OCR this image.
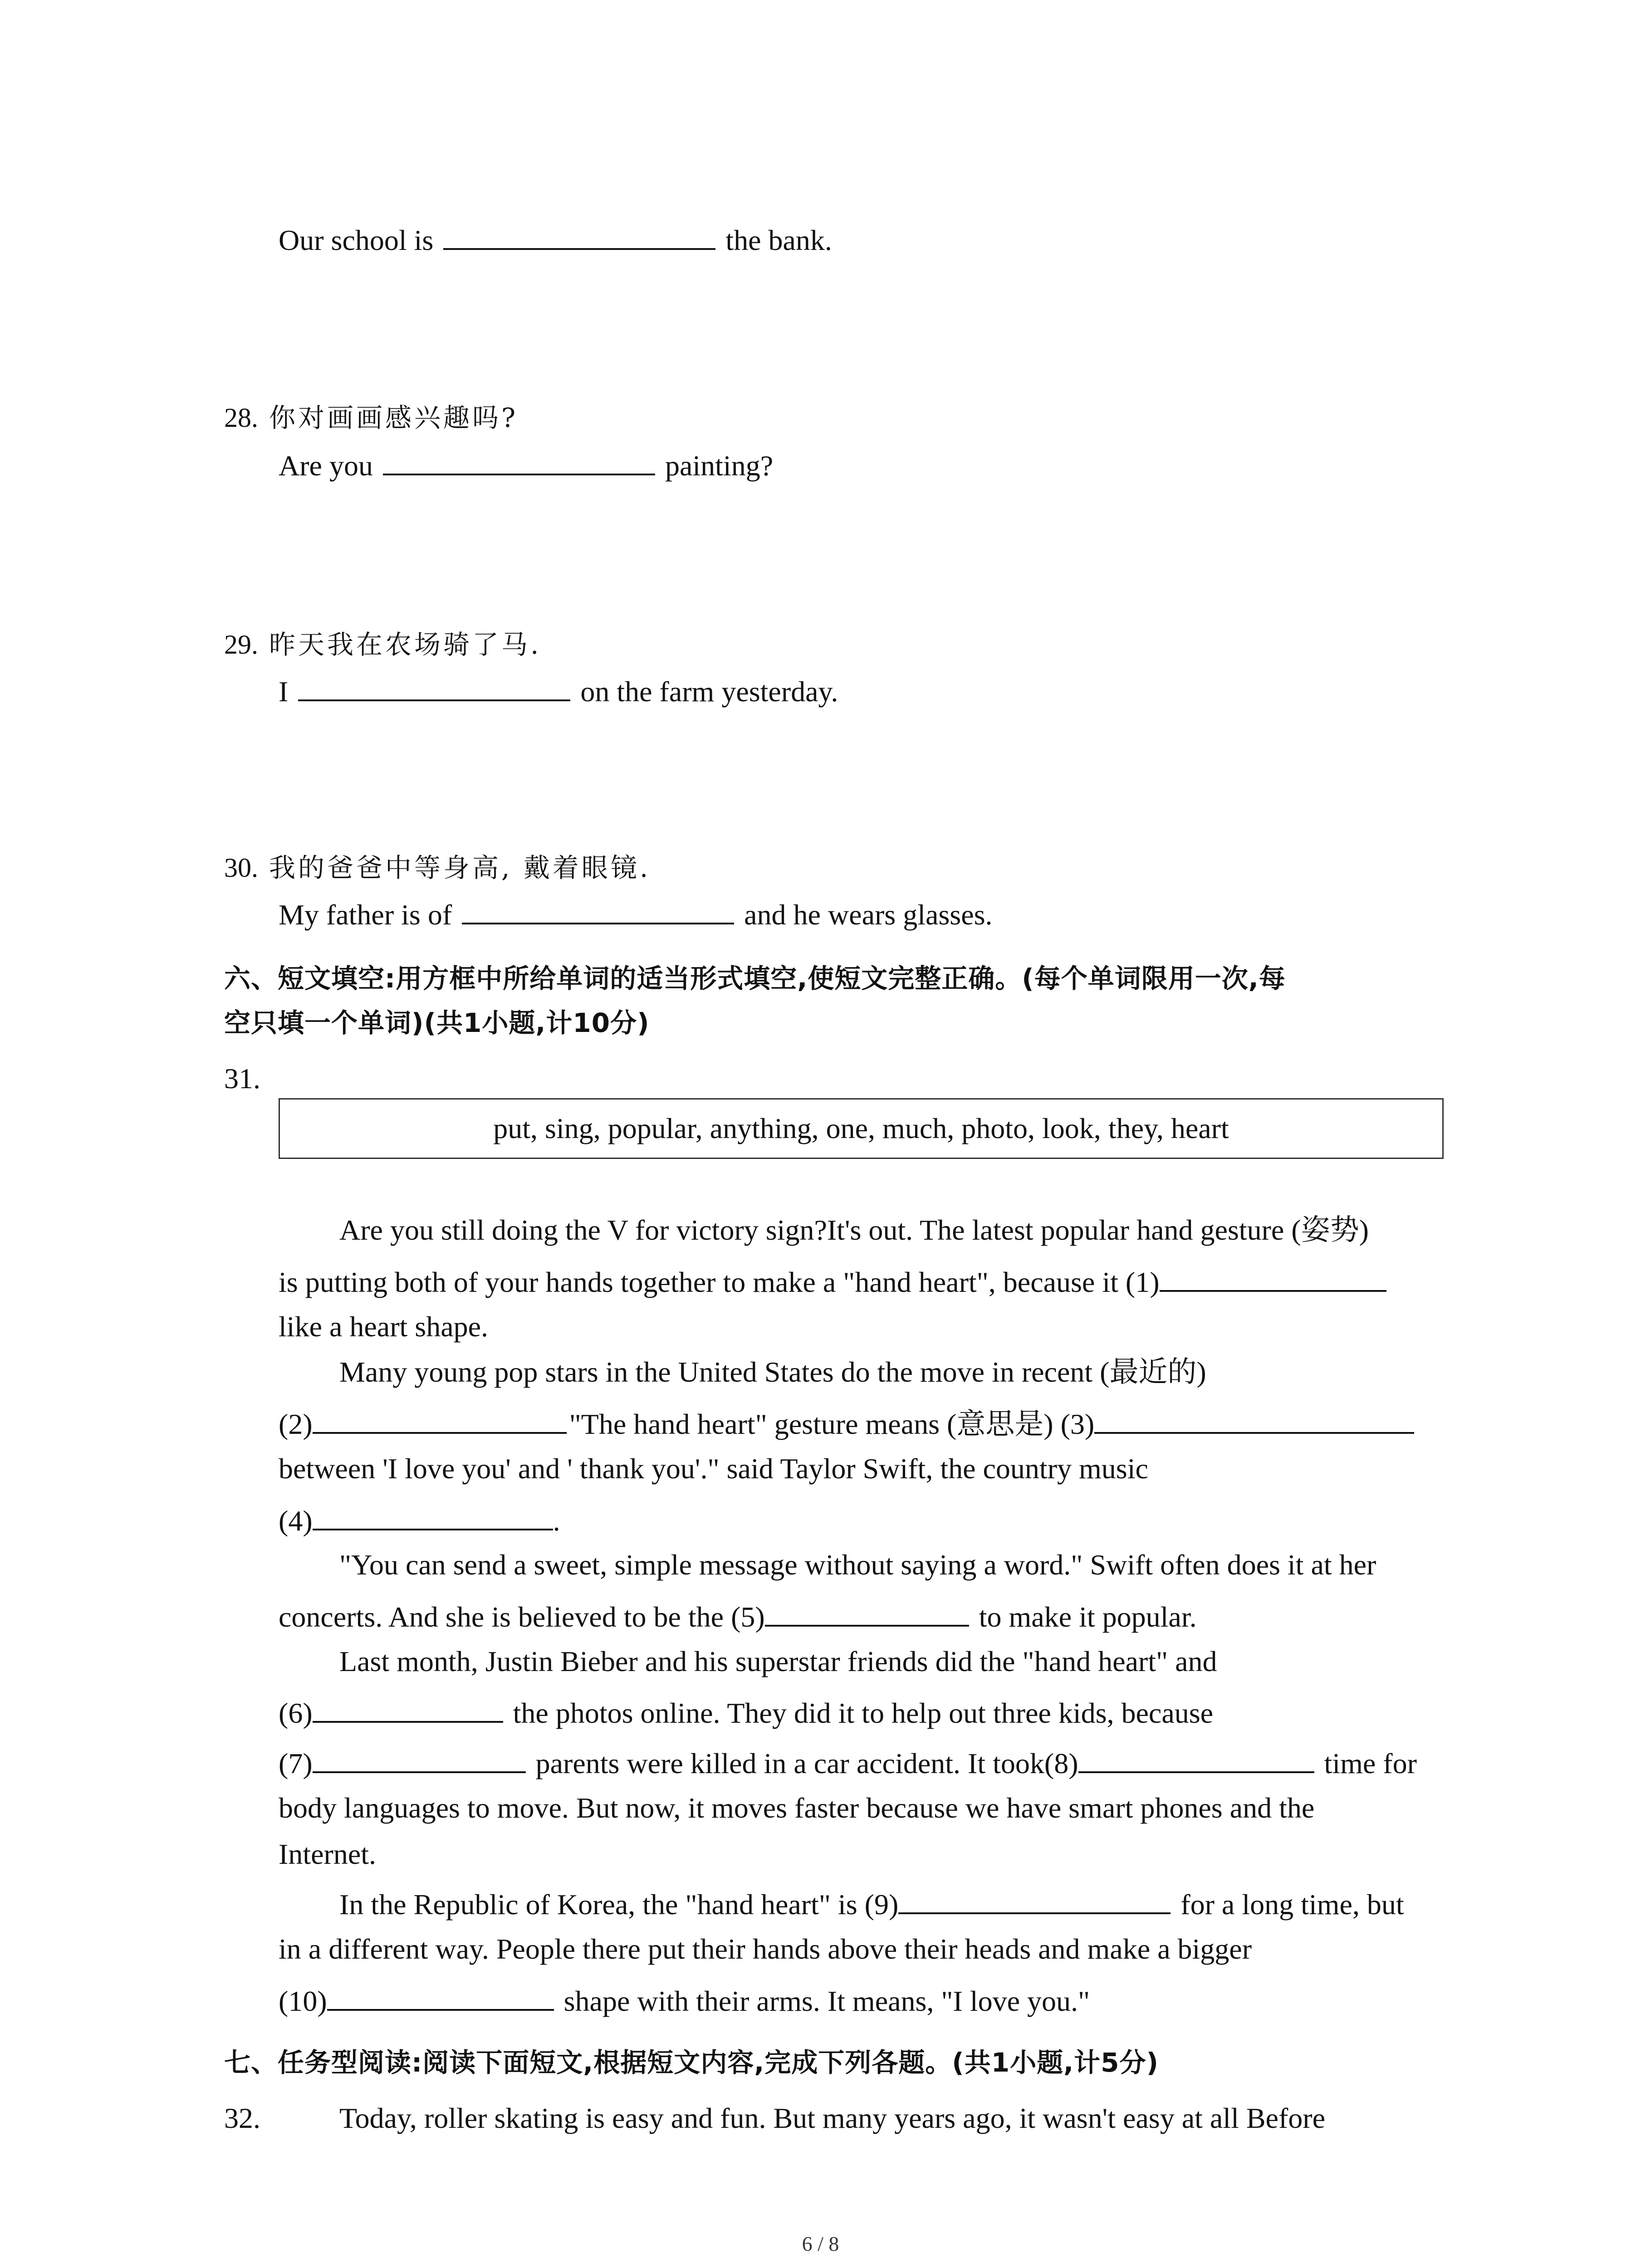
Our school is	the bank.
28. 你对画画感兴趣吗?
Are you	painting?
29. 昨天我在农场骑了马.
I	on the farm yesterday.
30. 我的爸爸中等身高, 戴着眼镜.
My father is of	and he wears glasses.
六、短文填空:用方框中所给单词的适当形式填空,使短文完整正确。(每个单词限用一次,每
空只填一个单词)(共1小题,计10分)
31.
put, sing, popular, anything, one, much, photo, look, they, heart
Are you still doing the V for victory sign?It's out. The latest popular hand gesture (姿势)
is putting both of your hands together to make a "hand heart", because it (1)
like a heart shape.
Many young pop stars in the United States do the move in recent (最近的)
(2)	"The hand heart" gesture means (意思是) (3)
between 'I love you' and ' thank you'." said Taylor Swift, the country music
(4)	.
"You can send a sweet, simple message without saying a word." Swift often does it at her
concerts. And she is believed to be the (5)	to make it popular.
Last month, Justin Bieber and his superstar friends did the "hand heart" and
(6)	the photos online. They did it to help out three kids, because
(7)	parents were killed in a car accident. It took(8)	time for
body languages to move. But now, it moves faster because we have smart phones and the
Internet.
In the Republic of Korea, the "hand heart" is (9)	for a long time, but
in a different way. People there put their hands above their heads and make a bigger
(10)	shape with their arms. It means, "I love you."
七、任务型阅读:阅读下面短文,根据短文内容,完成下列各题。(共1小题,计5分)
32.	Today, roller skating is easy and fun. But many years ago, it wasn't easy at all Before
6 / 8
